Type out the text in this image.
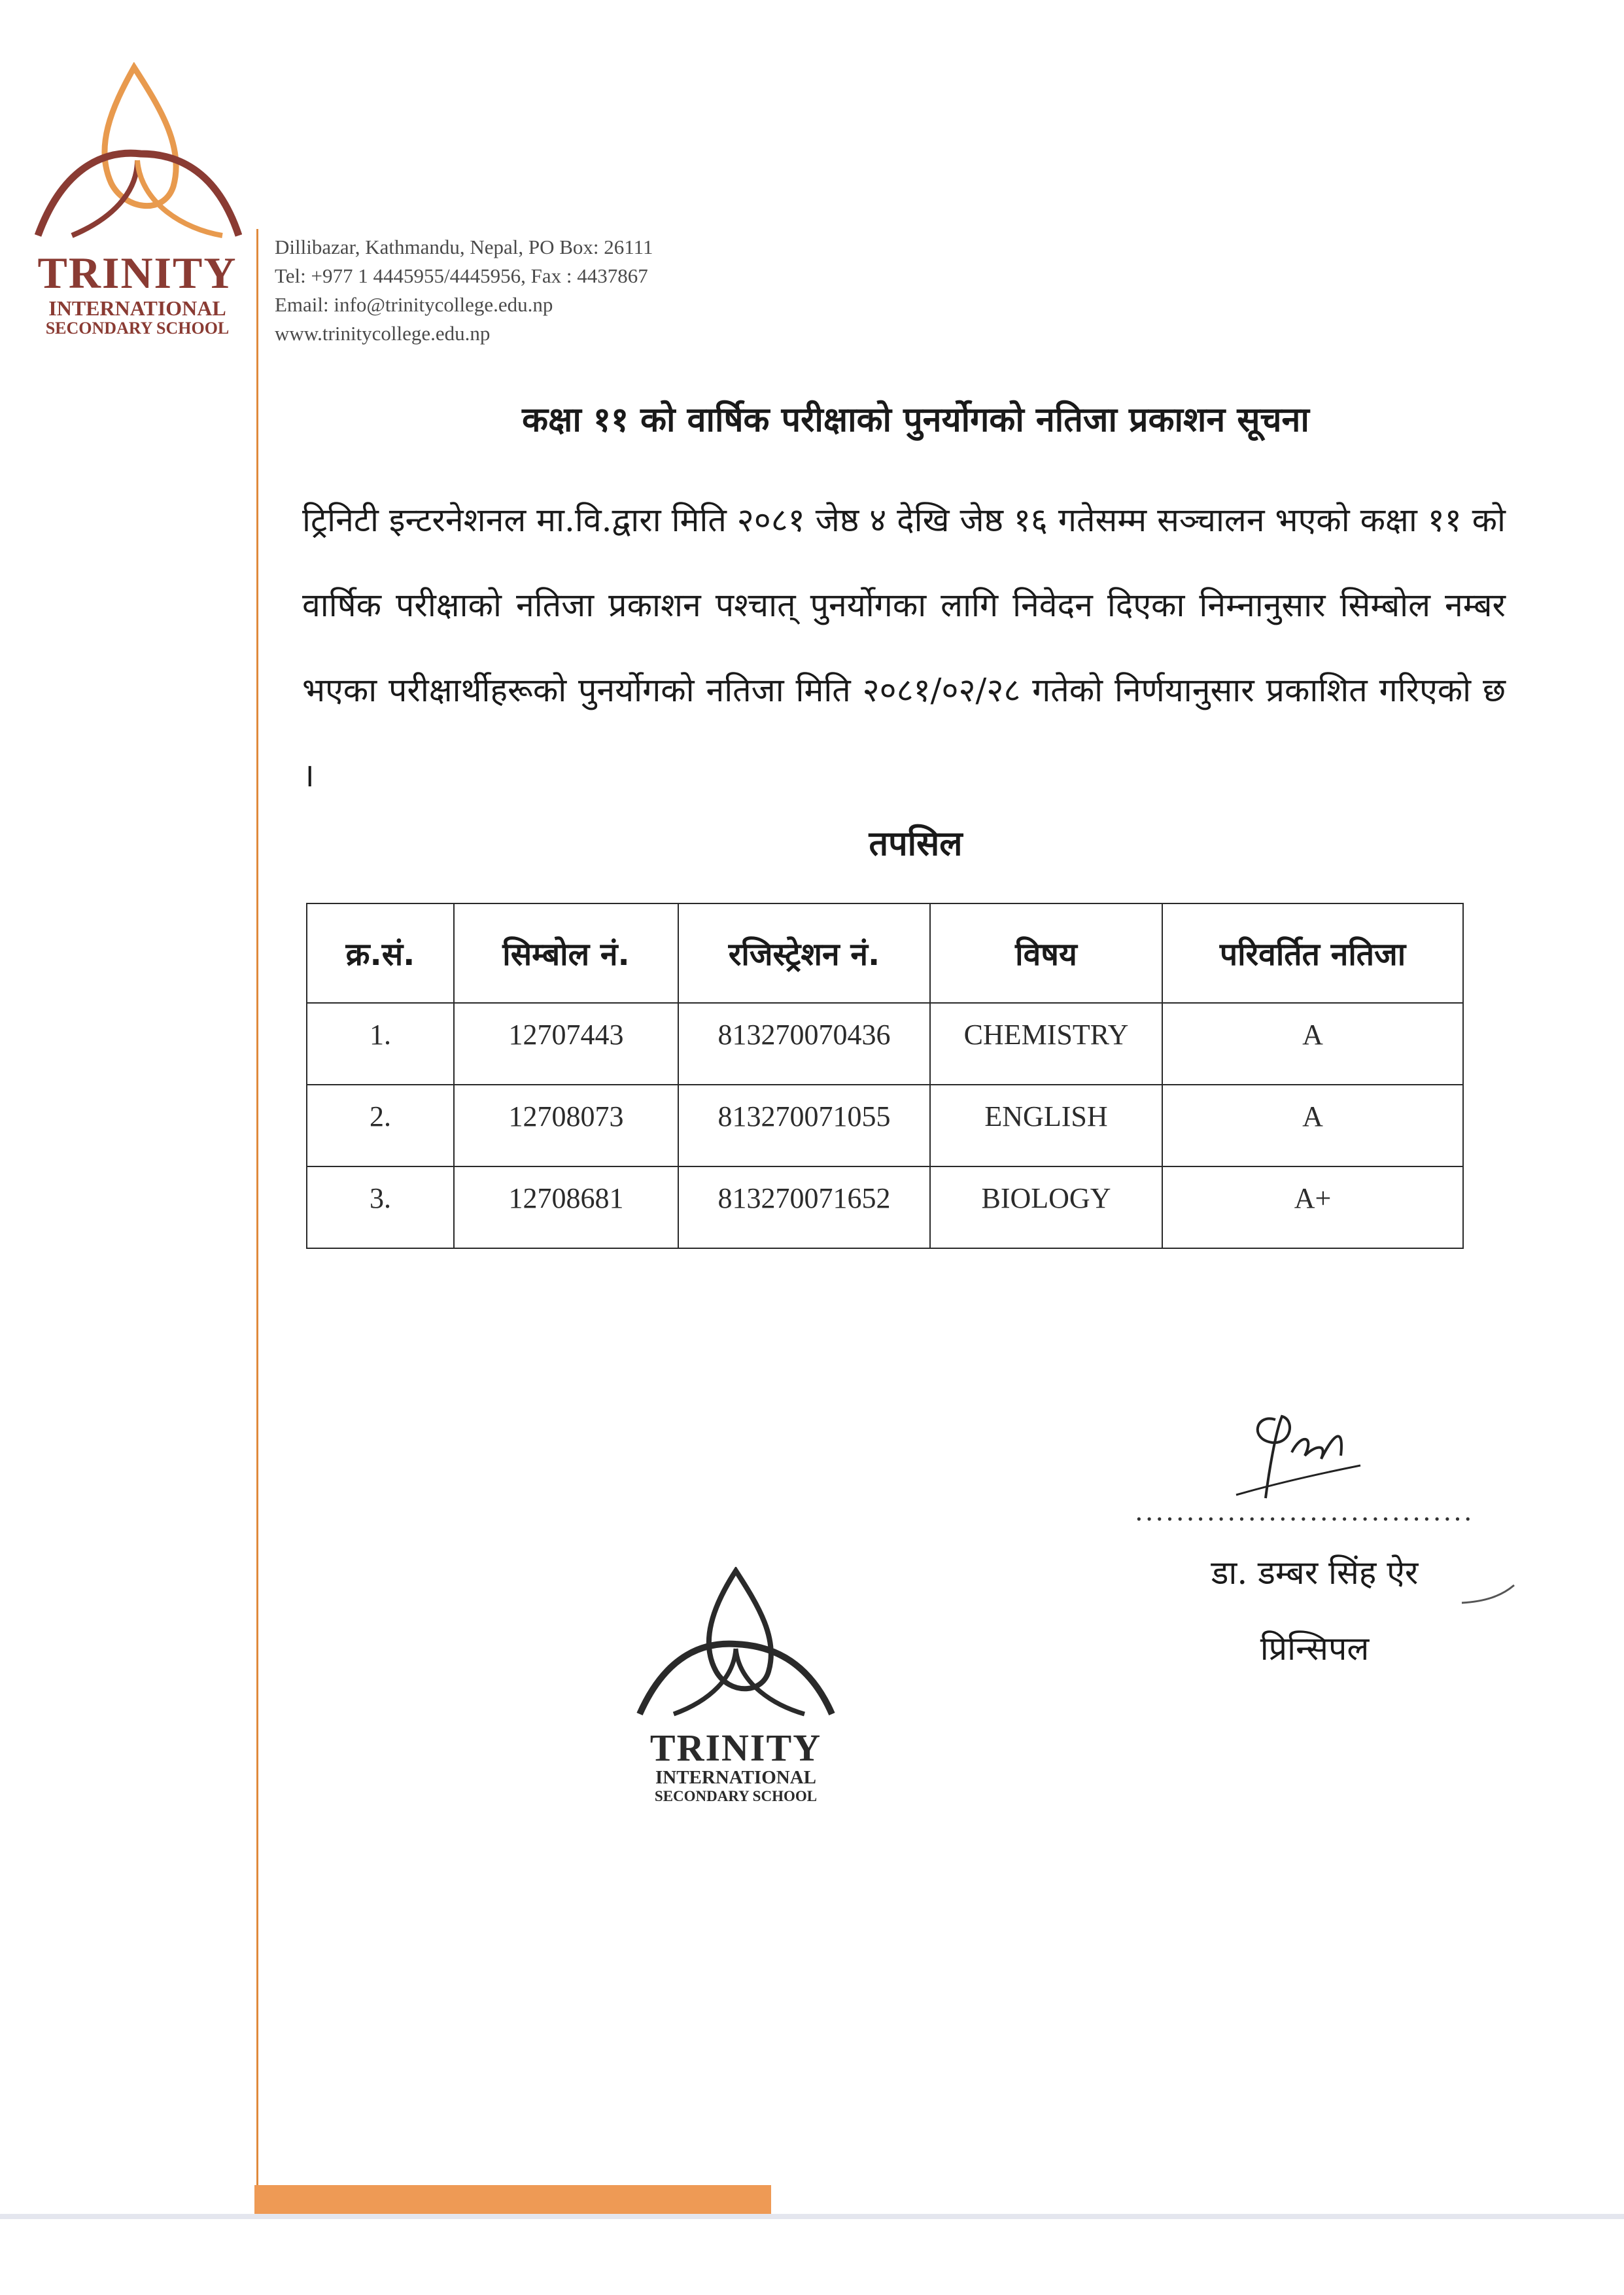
TRINITY
INTERNATIONAL
SECONDARY SCHOOL
Dillibazar, Kathmandu, Nepal, PO Box: 26111
Tel: +977 1 4445955/4445956, Fax : 4437867
Email: info@trinitycollege.edu.np
www.trinitycollege.edu.np
कक्षा ११ को वार्षिक परीक्षाको पुनर्योगको नतिजा प्रकाशन सूचना
ट्रिनिटी इन्टरनेशनल मा.वि.द्वारा मिति २०८१ जेष्ठ ४ देखि जेष्ठ १६ गतेसम्म सञ्चालन भएको कक्षा ११ को वार्षिक परीक्षाको नतिजा प्रकाशन पश्चात् पुनर्योगका लागि निवेदन दिएका निम्नानुसार सिम्बोल नम्बर भएका परीक्षार्थीहरूको पुनर्योगको नतिजा मिति २०८१/०२/२८ गतेको निर्णयानुसार प्रकाशित गरिएको छ ।
तपसिल
क्र.सं.	सिम्बोल नं.	रजिस्ट्रेशन नं.	विषय	परिवर्तित नतिजा
1.	12707443	813270070436	CHEMISTRY	A
2.	12708073	813270071055	ENGLISH	A
3.	12708681	813270071652	BIOLOGY	A+
.................................
डा. डम्बर सिंह ऐर
प्रिन्सिपल
TRINITY
INTERNATIONAL
SECONDARY SCHOOL
